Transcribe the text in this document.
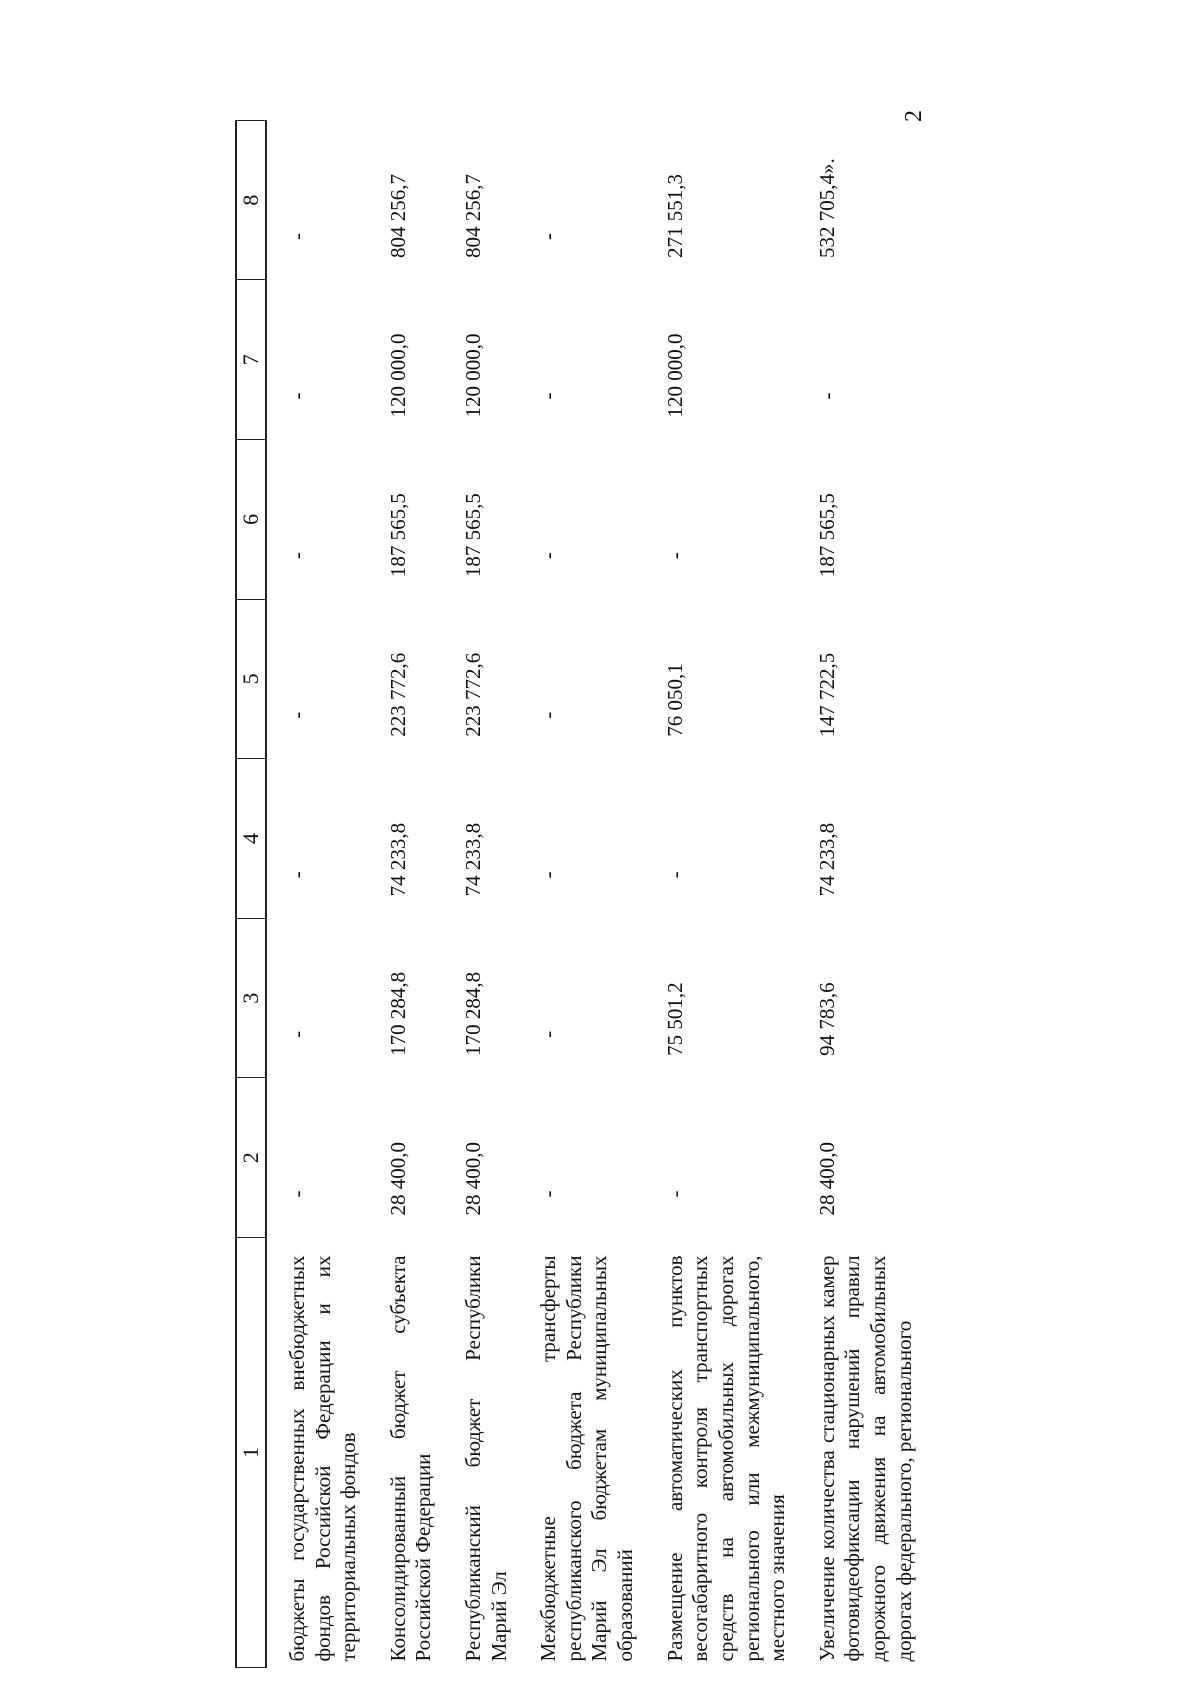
2
1	2	3	4	5	6	7	8
бюджеты государственных внебюджетных фондов Российской Федерации и их территориальных фондов	-	-	-	-	-	-	-
Консолидированный бюджет субъекта Российской Федерации	28 400,0	170 284,8	74 233,8	223 772,6	187 565,5	120 000,0	804 256,7
Республиканский бюджет Республики Марий Эл	28 400,0	170 284,8	74 233,8	223 772,6	187 565,5	120 000,0	804 256,7
Межбюджетные трансферты республиканского бюджета Республики Марий Эл бюджетам муниципальных образований	-	-	-	-	-	-	-
Размещение автоматических пунктов весогабаритного контроля транспортных средств на автомобильных дорогах регионального или межмуниципального, местного значения	-	75 501,2	-	76 050,1	-	120 000,0	271 551,3
Увеличение количества стационарных камер фотовидеофиксации нарушений правил дорожного движения на автомобильных дорогах федерального, регионального	28 400,0	94 783,6	74 233,8	147 722,5	187 565,5	-	532 705,4».
